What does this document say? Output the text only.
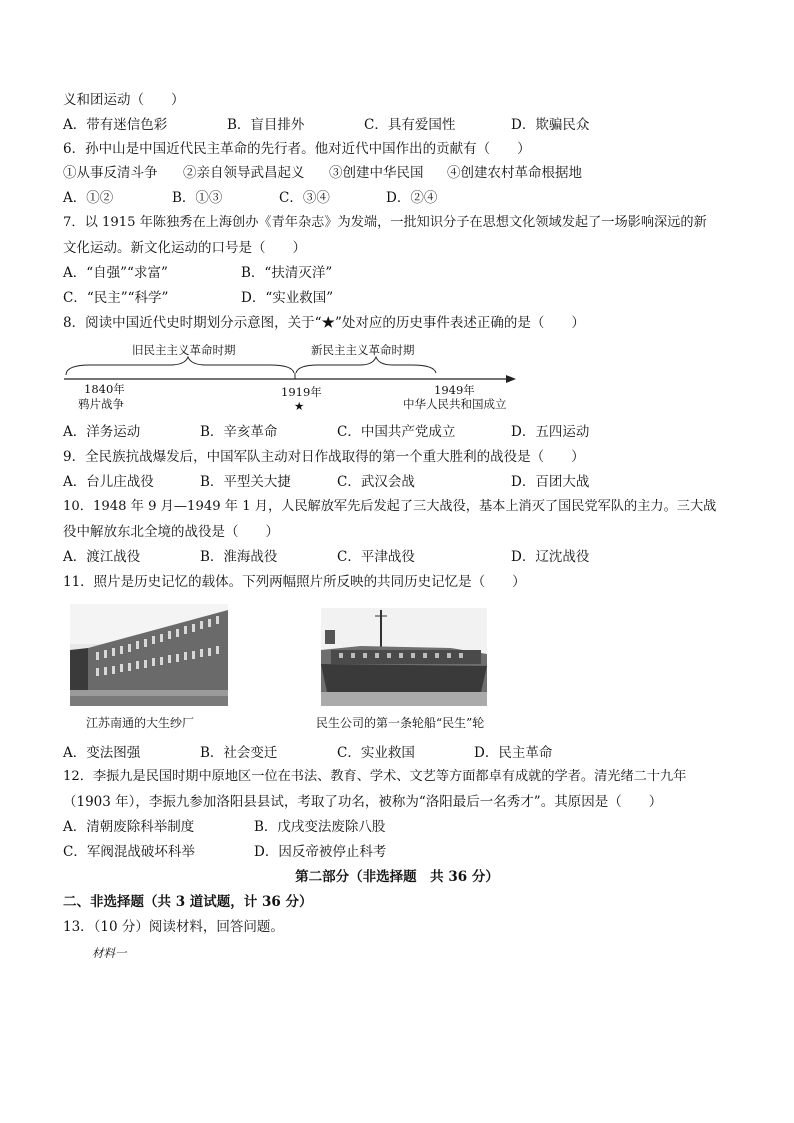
义和团运动（　　）
A．带有迷信色彩	B．盲目排外	C．具有爱国性	D．欺骗民众
6．孙中山是中国近代民主革命的先行者。他对近代中国作出的贡献有（　　）
①从事反清斗争 ②亲自领导武昌起义 ③创建中华民国 ④创建农村革命根据地
A．①②	B．①③	C．③④	D．②④
7．以 1915 年陈独秀在上海创办《青年杂志》为发端，一批知识分子在思想文化领域发起了一场影响深远的新
文化运动。新文化运动的口号是（　　）
A．“自强”“求富”	B．“扶清灭洋”
C．“民主”“科学”	D．“实业救国”
8．阅读中国近代史时期划分示意图，关于“★”处对应的历史事件表述正确的是（　　）
旧民主主义革命时期	新民主主义革命时期
1840年
鸦片战争
1919年
★
1949年
中华人民共和国成立
A．洋务运动	B．辛亥革命	C．中国共产党成立	D．五四运动
9．全民族抗战爆发后，中国军队主动对日作战取得的第一个重大胜利的战役是（　　）
A．台儿庄战役	B．平型关大捷	C．武汉会战	D．百团大战
10．1948 年 9 月—1949 年 1 月，人民解放军先后发起了三大战役，基本上消灭了国民党军队的主力。三大战
役中解放东北全境的战役是（　　）
A．渡江战役	B．淮海战役	C．平津战役	D．辽沈战役
11．照片是历史记忆的载体。下列两幅照片所反映的共同历史记忆是（　　）
江苏南通的大生纱厂	民生公司的第一条轮船“民生”轮
A．变法图强	B．社会变迁	C．实业救国	D．民主革命
12．李振九是民国时期中原地区一位在书法、教育、学术、文艺等方面都卓有成就的学者。清光绪二十九年
（1903 年），李振九参加洛阳县县试，考取了功名，被称为“洛阳最后一名秀才”。其原因是（　　）
A．清朝废除科举制度	B．戊戌变法废除八股
C．军阀混战破坏科举	D．因反帝被停止科考
第二部分（非选择题　共 36 分）
二、非选择题（共 3 道试题，计 36 分）
13．（10 分）阅读材料，回答问题。
材料一
